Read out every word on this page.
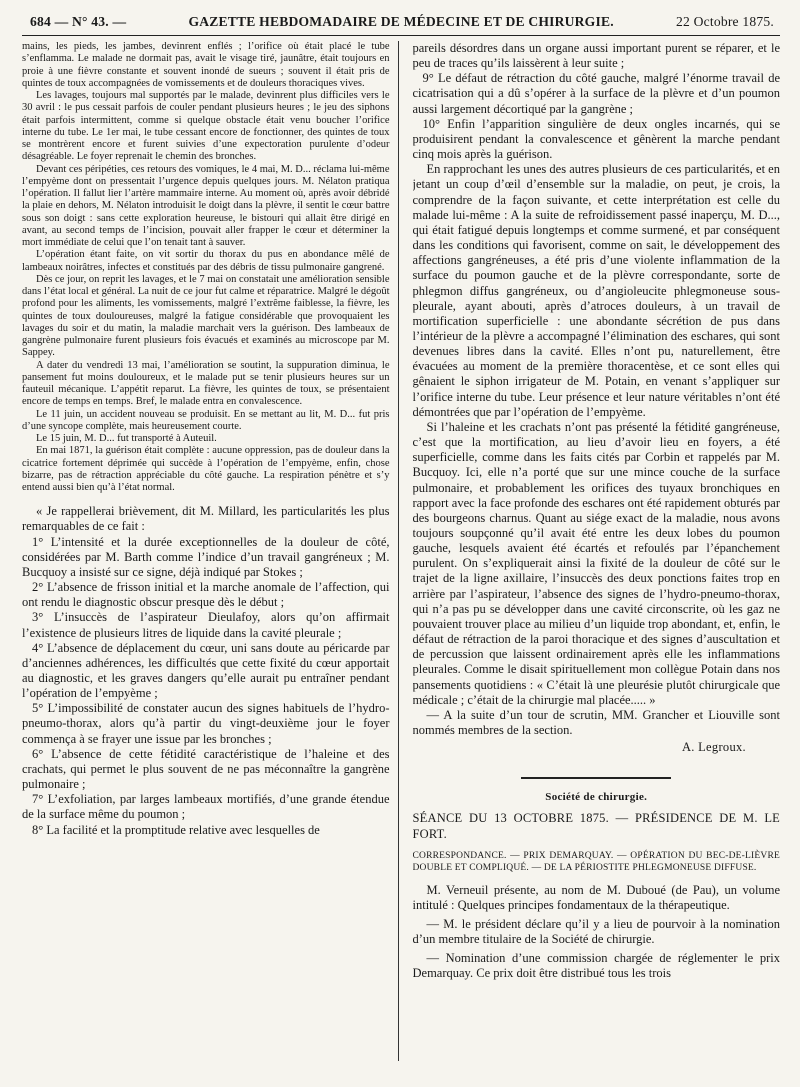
684 — N° 43. —	GAZETTE HEBDOMADAIRE DE MÉDECINE ET DE CHIRURGIE.	22 Octobre 1875.

mains, les pieds, les jambes, devinrent enflés ; l’orifice où était placé le tube s’enflamma. Le malade ne dormait pas, avait le visage tiré, jaunâtre, était toujours en proie à une fièvre constante et souvent inondé de sueurs ; souvent il était pris de quintes de toux accompagnées de vomissements et de douleurs thoraciques vives.

Les lavages, toujours mal supportés par le malade, devinrent plus difficiles vers le 30 avril : le pus cessait parfois de couler pendant plusieurs heures ; le jeu des siphons était parfois intermittent, comme si quelque obstacle était venu boucher l’orifice interne du tube. Le 1er mai, le tube cessant encore de fonctionner, des quintes de toux se montrèrent encore et furent suivies d’une expectoration purulente d’odeur désagréable. Le foyer reprenait le chemin des bronches.

Devant ces péripéties, ces retours des vomiques, le 4 mai, M. D... réclama lui-même l’empyème dont on pressentait l’urgence depuis quelques jours. M. Nélaton pratiqua l’opération. Il fallut lier l’artère mammaire interne. Au moment où, après avoir débridé la plaie en dehors, M. Nélaton introduisit le doigt dans la plèvre, il sentit le cœur battre sous son doigt : sans cette exploration heureuse, le bistouri qui allait être dirigé en avant, au second temps de l’incision, pouvait aller frapper le cœur et déterminer la mort immédiate de celui que l’on tenait tant à sauver.

L’opération étant faite, on vit sortir du thorax du pus en abondance mêlé de lambeaux noirâtres, infectes et constitués par des débris de tissu pulmonaire gangrené.

Dès ce jour, on reprit les lavages, et le 7 mai on constatait une amélioration sensible dans l’état local et général. La nuit de ce jour fut calme et réparatrice. Malgré le dégoût profond pour les aliments, les vomissements, malgré l’extrême faiblesse, la fièvre, les quintes de toux douloureuses, malgré la fatigue considérable que provoquaient les lavages du soir et du matin, la maladie marchait vers la guérison. Des lambeaux de gangrène pulmonaire furent plusieurs fois évacués et examinés au microscope par M. Sappey.

A dater du vendredi 13 mai, l’amélioration se soutint, la suppuration diminua, le pansement fut moins douloureux, et le malade put se tenir plusieurs heures sur un fauteuil mécanique. L’appétit reparut. La fièvre, les quintes de toux, se présentaient encore de temps en temps. Bref, le malade entra en convalescence.

Le 11 juin, un accident nouveau se produisit. En se mettant au lit, M. D... fut pris d’une syncope complète, mais heureusement courte.

Le 15 juin, M. D... fut transporté à Auteuil.

En mai 1871, la guérison était complète : aucune oppression, pas de douleur dans la cicatrice fortement déprimée qui succède à l’opération de l’empyème, enfin, chose bizarre, pas de rétraction appréciable du côté gauche. La respiration pénètre et s’y entend aussi bien qu’à l’état normal.

« Je rappellerai brièvement, dit M. Millard, les particularités les plus remarquables de ce fait :

1° L’intensité et la durée exceptionnelles de la douleur de côté, considérées par M. Barth comme l’indice d’un travail gangréneux ; M. Bucquoy a insisté sur ce signe, déjà indiqué par Stokes ;

2° L’absence de frisson initial et la marche anomale de l’affection, qui ont rendu le diagnostic obscur presque dès le début ;

3° L’insuccès de l’aspirateur Dieulafoy, alors qu’on affirmait l’existence de plusieurs litres de liquide dans la cavité pleurale ;

4° L’absence de déplacement du cœur, uni sans doute au péricarde par d’anciennes adhérences, les difficultés que cette fixité du cœur apportait au diagnostic, et les graves dangers qu’elle aurait pu entraîner pendant l’opération de l’empyème ;

5° L’impossibilité de constater aucun des signes habituels de l’hydro-pneumo-thorax, alors qu’à partir du vingt-deuxième jour le foyer commença à se frayer une issue par les bronches ;

6° L’absence de cette fétidité caractéristique de l’haleine et des crachats, qui permet le plus souvent de ne pas méconnaître la gangrène pulmonaire ;

7° L’exfoliation, par larges lambeaux mortifiés, d’une grande étendue de la surface même du poumon ;

8° La facilité et la promptitude relative avec lesquelles de

pareils désordres dans un organe aussi important purent se réparer, et le peu de traces qu’ils laissèrent à leur suite ;

9° Le défaut de rétraction du côté gauche, malgré l’énorme travail de cicatrisation qui a dû s’opérer à la surface de la plèvre et d’un poumon aussi largement décortiqué par la gangrène ;

10° Enfin l’apparition singulière de deux ongles incarnés, qui se produisirent pendant la convalescence et gênèrent la marche pendant cinq mois après la guérison.

En rapprochant les unes des autres plusieurs de ces particularités, et en jetant un coup d’œil d’ensemble sur la maladie, on peut, je crois, la comprendre de la façon suivante, et cette interprétation est celle du malade lui-même : A la suite de refroidissement passé inaperçu, M. D..., qui était fatigué depuis longtemps et comme surmené, et par conséquent dans les conditions qui favorisent, comme on sait, le développement des affections gangréneuses, a été pris d’une violente inflammation de la surface du poumon gauche et de la plèvre correspondante, sorte de phlegmon diffus gangréneux, ou d’angioleucite phlegmoneuse sous-pleurale, ayant abouti, après d’atroces douleurs, à un travail de mortification superficielle : une abondante sécrétion de pus dans l’intérieur de la plèvre a accompagné l’élimination des eschares, qui sont devenues libres dans la cavité. Elles n’ont pu, naturellement, être évacuées au moment de la première thoracentèse, et ce sont elles qui gênaient le siphon irrigateur de M. Potain, en venant s’appliquer sur l’orifice interne du tube. Leur présence et leur nature véritables n’ont été démontrées que par l’opération de l’empyème.

Si l’haleine et les crachats n’ont pas présenté la fétidité gangréneuse, c’est que la mortification, au lieu d’avoir lieu en foyers, a été superficielle, comme dans les faits cités par Corbin et rappelés par M. Bucquoy. Ici, elle n’a porté que sur une mince couche de la surface pulmonaire, et probablement les orifices des tuyaux bronchiques en rapport avec la face profonde des eschares ont été rapidement obturés par des bourgeons charnus. Quant au siége exact de la maladie, nous avons toujours soupçonné qu’il avait été entre les deux lobes du poumon gauche, lesquels avaient été écartés et refoulés par l’épanchement purulent. On s’expliquerait ainsi la fixité de la douleur de côté sur le trajet de la ligne axillaire, l’insuccès des deux ponctions faites trop en arrière par l’aspirateur, l’absence des signes de l’hydro-pneumo-thorax, qui n’a pas pu se développer dans une cavité circonscrite, où les gaz ne pouvaient trouver place au milieu d’un liquide trop abondant, et, enfin, le défaut de rétraction de la paroi thoracique et des signes d’auscultation et de percussion que laissent ordinairement après elle les inflammations pleurales. Comme le disait spirituellement mon collègue Potain dans nos pansements quotidiens : « C’était là une pleurésie plutôt chirurgicale que médicale ; c’était de la chirurgie mal placée..... »

— A la suite d’un tour de scrutin, MM. Grancher et Liouville sont nommés membres de la section.

A. Legroux.

Société de chirurgie.

SÉANCE DU 13 OCTOBRE 1875. — PRÉSIDENCE DE M. LE FORT.

CORRESPONDANCE. — PRIX DEMARQUAY. — OPÉRATION DU BEC-DE-LIÈVRE DOUBLE ET COMPLIQUÉ. — DE LA PÉRIOSTITE PHLEGMONEUSE DIFFUSE.

M. Verneuil présente, au nom de M. Duboué (de Pau), un volume intitulé : Quelques principes fondamentaux de la thérapeutique.

— M. le président déclare qu’il y a lieu de pourvoir à la nomination d’un membre titulaire de la Société de chirurgie.

— Nomination d’une commission chargée de réglementer le prix Demarquay. Ce prix doit être distribué tous les trois
